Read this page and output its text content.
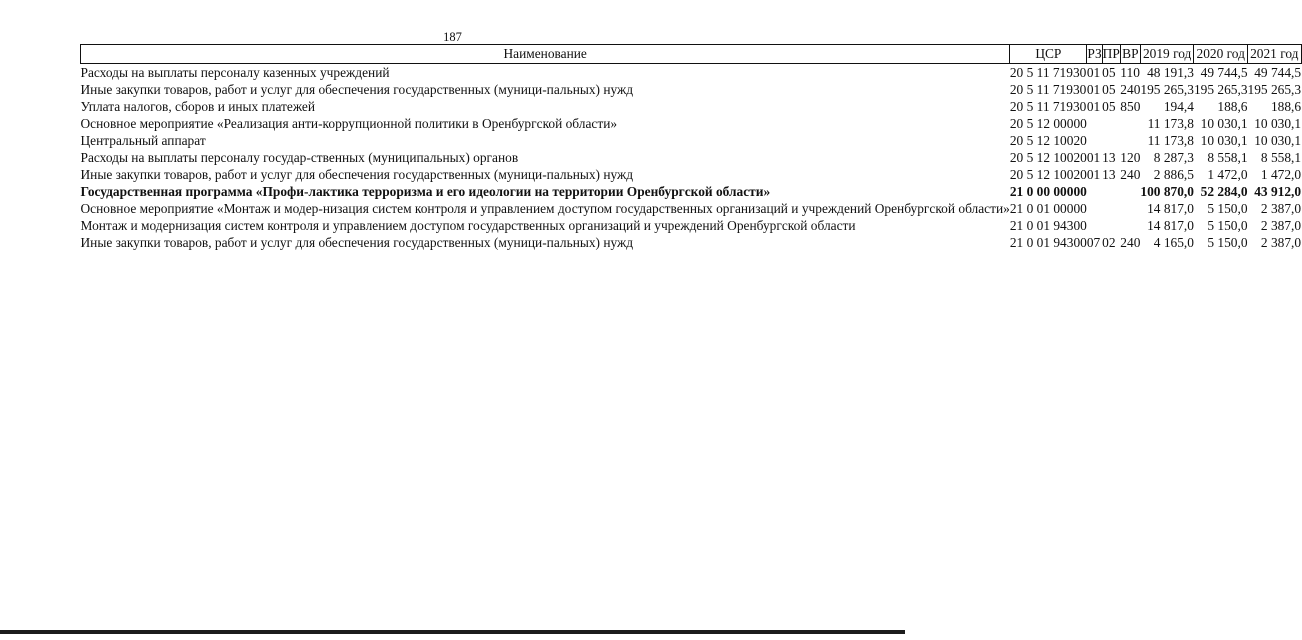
187
Наименование	ЦСР	РЗ	ПР	ВР	2019 год	2020 год	2021 год
Расходы на выплаты персоналу казенных учреждений	20 5 11 71930	01	05	110	48 191,3	49 744,5	49 744,5
Иные закупки товаров, работ и услуг для обеспечения государственных (муници-пальных) нужд	20 5 11 71930	01	05	240	195 265,3	195 265,3	195 265,3
Уплата налогов, сборов и иных платежей	20 5 11 71930	01	05	850	194,4	188,6	188,6
Основное мероприятие «Реализация анти-коррупционной политики в Оренбургской области»	20 5 12 00000				11 173,8	10 030,1	10 030,1
Центральный аппарат	20 5 12 10020				11 173,8	10 030,1	10 030,1
Расходы на выплаты персоналу государ-ственных (муниципальных) органов	20 5 12 10020	01	13	120	8 287,3	8 558,1	8 558,1
Иные закупки товаров, работ и услуг для обеспечения государственных (муници-пальных) нужд	20 5 12 10020	01	13	240	2 886,5	1 472,0	1 472,0
Государственная программа «Профи-лактика терроризма и его идеологии на территории Оренбургской области»	21 0 00 00000				100 870,0	52 284,0	43 912,0
Основное мероприятие «Монтаж и модер-низация систем контроля и управлением доступом государственных организаций и учреждений Оренбургской области»	21 0 01 00000				14 817,0	5 150,0	2 387,0
Монтаж и модернизация систем контроля и управлением доступом государственных организаций и учреждений Оренбургской области	21 0 01 94300				14 817,0	5 150,0	2 387,0
Иные закупки товаров, работ и услуг для обеспечения государственных (муници-пальных) нужд	21 0 01 94300	07	02	240	4 165,0	5 150,0	2 387,0
